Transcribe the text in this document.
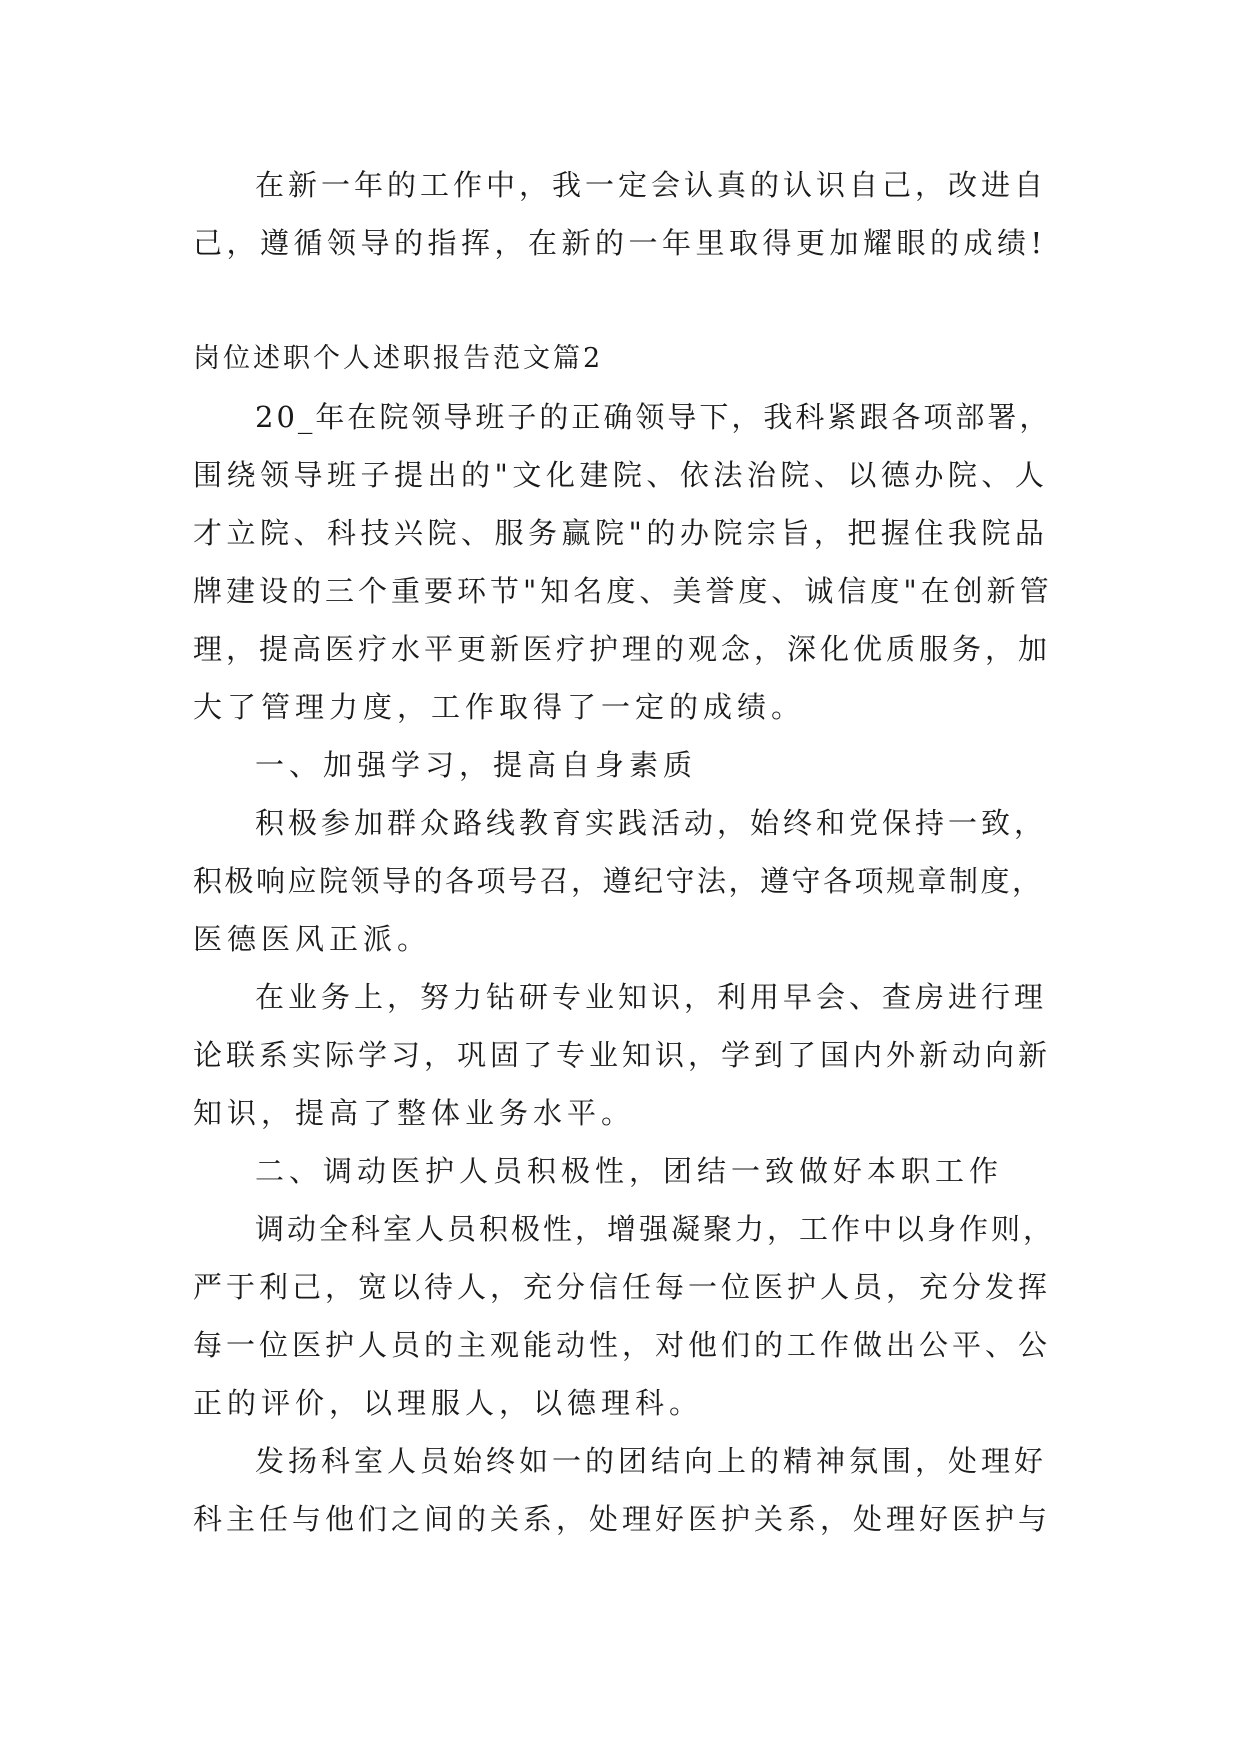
在新一年的工作中，我一定会认真的认识自己，改进自
己，遵循领导的指挥，在新的一年里取得更加耀眼的成绩!
岗位述职个人述职报告范文篇2
20_年在院领导班子的正确领导下，我科紧跟各项部署，
围绕领导班子提出的"文化建院、依法治院、以德办院、人
才立院、科技兴院、服务赢院"的办院宗旨，把握住我院品
牌建设的三个重要环节"知名度、美誉度、诚信度"在创新管
理，提高医疗水平更新医疗护理的观念，深化优质服务，加
大了管理力度，工作取得了一定的成绩。
一、加强学习，提高自身素质
积极参加群众路线教育实践活动，始终和党保持一致，
积极响应院领导的各项号召，遵纪守法，遵守各项规章制度，
医德医风正派。
在业务上，努力钻研专业知识，利用早会、查房进行理
论联系实际学习，巩固了专业知识，学到了国内外新动向新
知识，提高了整体业务水平。
二、调动医护人员积极性，团结一致做好本职工作
调动全科室人员积极性，增强凝聚力，工作中以身作则，
严于利己，宽以待人，充分信任每一位医护人员，充分发挥
每一位医护人员的主观能动性，对他们的工作做出公平、公
正的评价，以理服人，以德理科。
发扬科室人员始终如一的团结向上的精神氛围，处理好
科主任与他们之间的关系，处理好医护关系，处理好医护与
